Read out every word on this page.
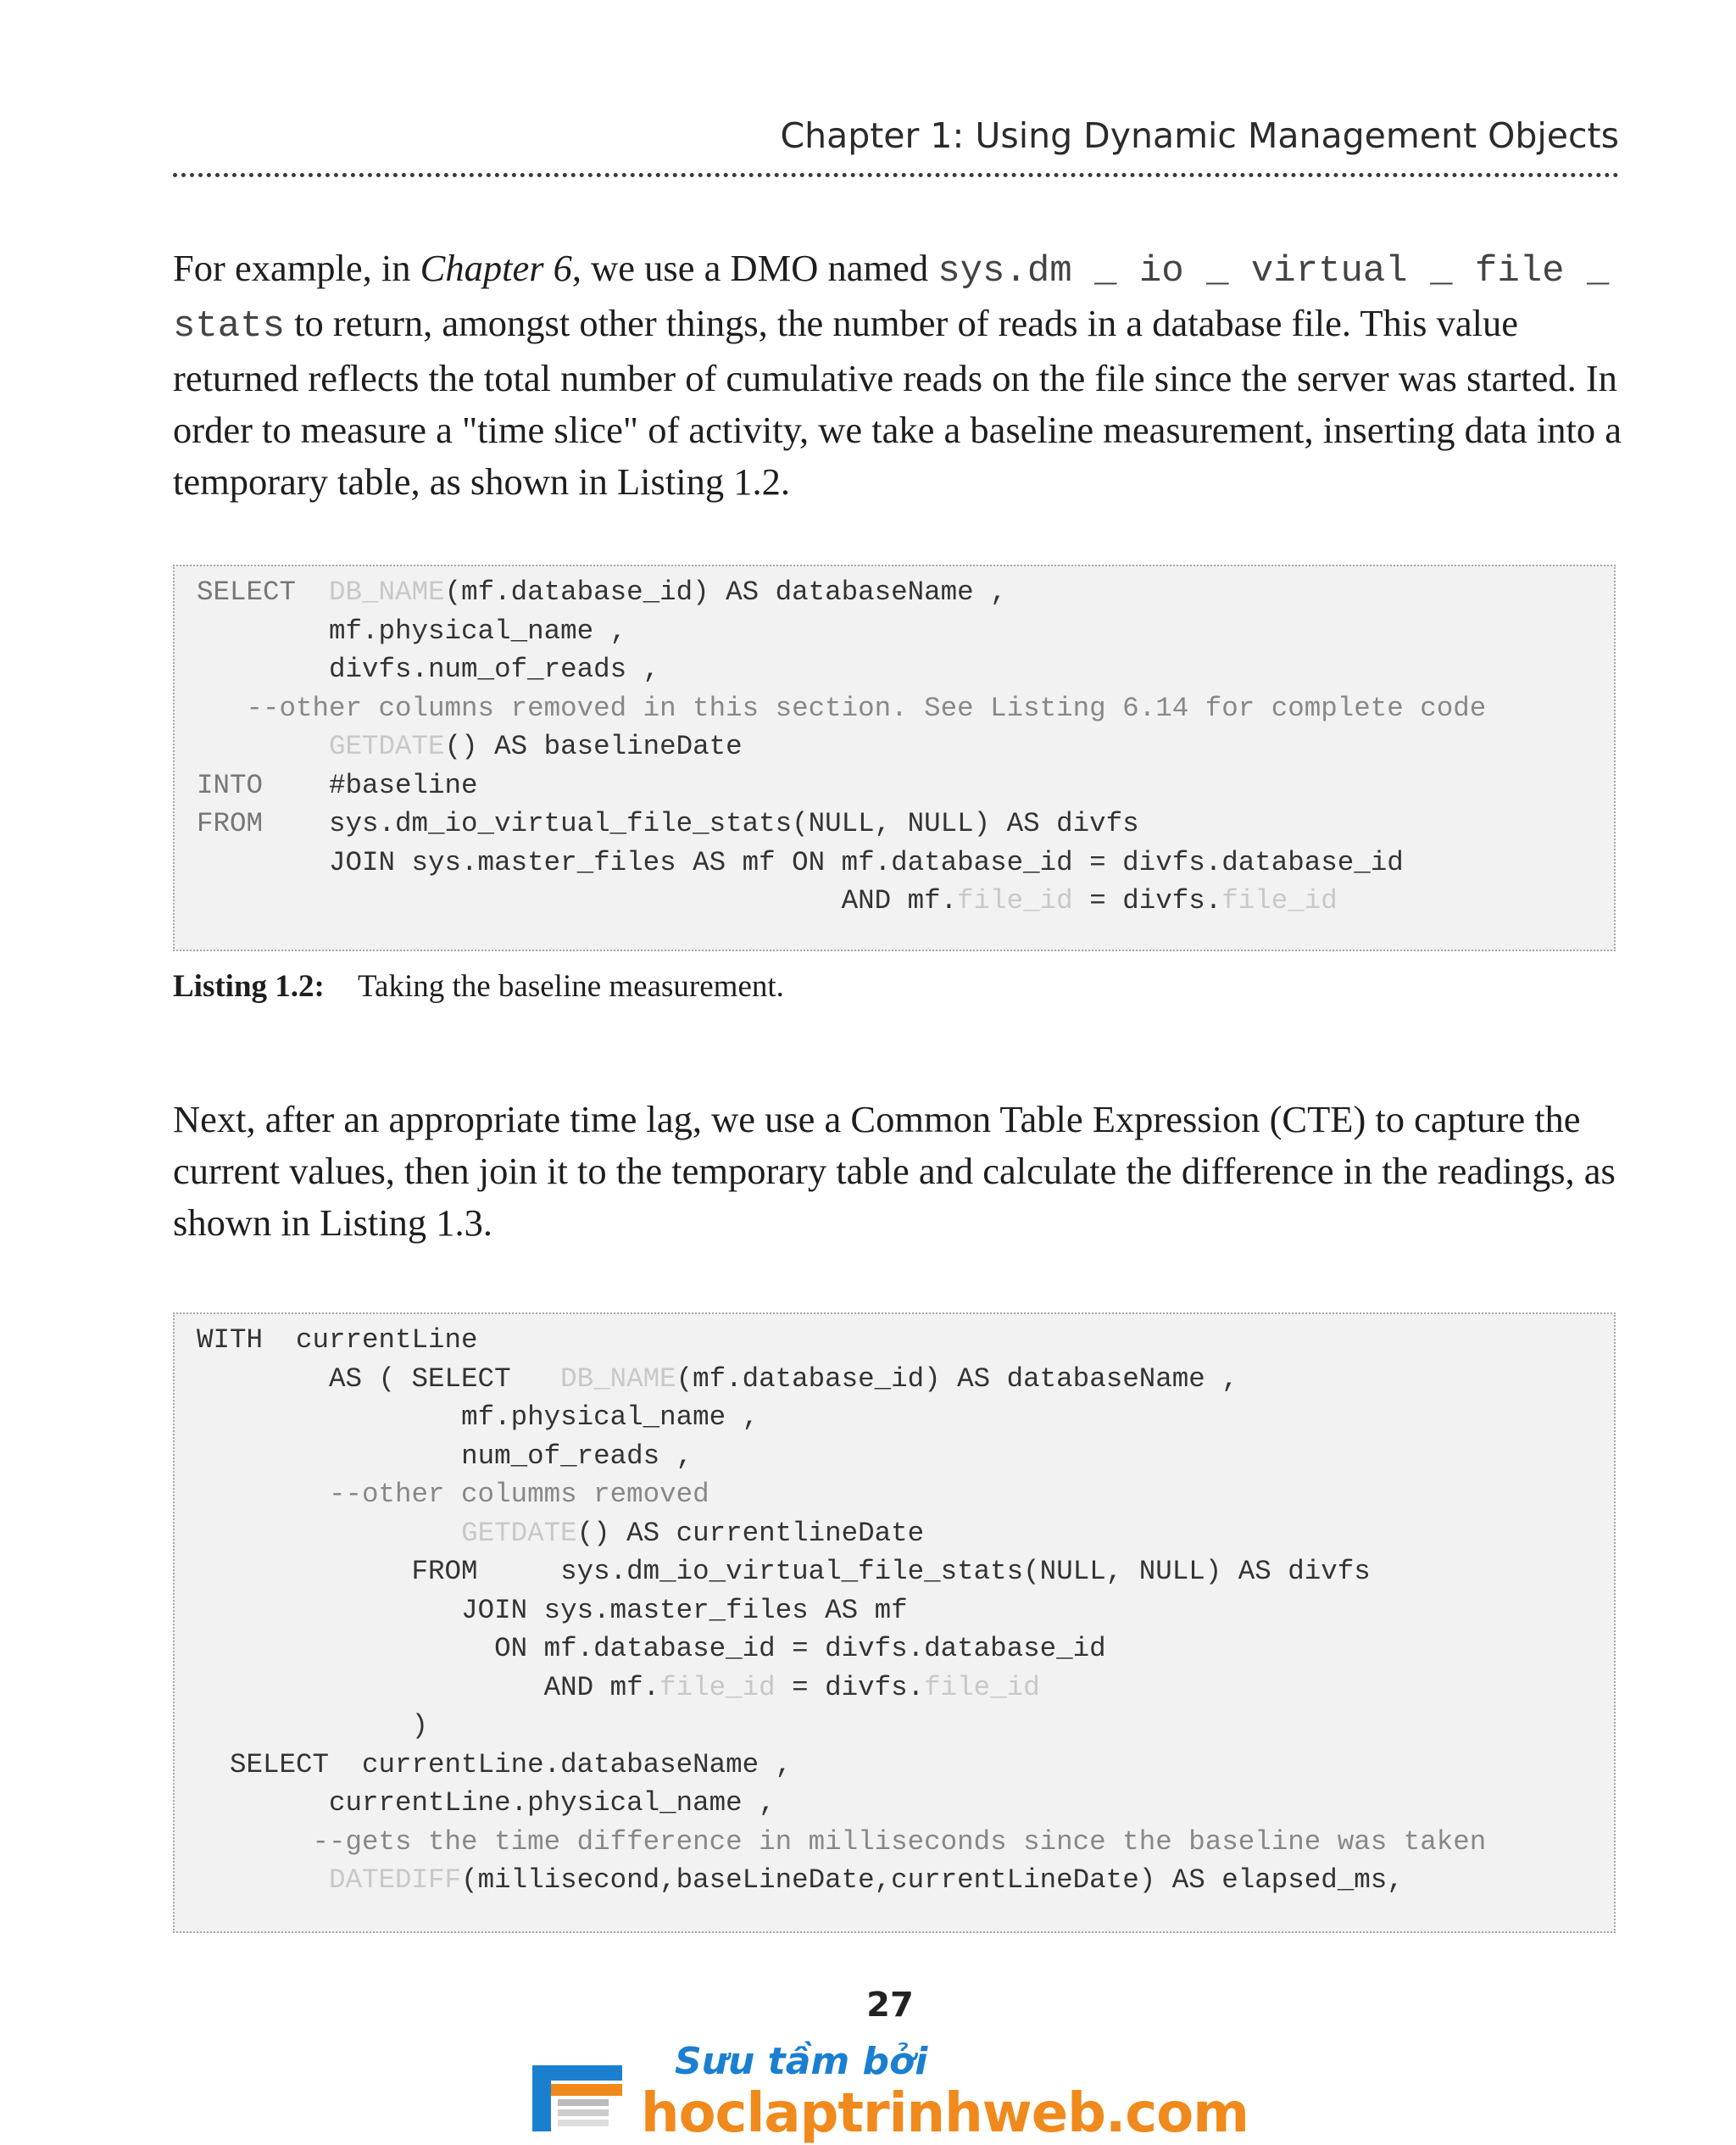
Chapter 1: Using Dynamic Management Objects

For example, in Chapter 6, we use a DMO named sys.dm _ io _ virtual _ file _
stats to return, amongst other things, the number of reads in a database file. This value returned reflects the total number of cumulative reads on the file since the server was started. In order to measure a "time slice" of activity, we take a baseline measurement, inserting data into a temporary table, as shown in Listing 1.2.

SELECT DB_NAME(mf.database_id) AS databaseName ,
mf.physical_name ,
divfs.num_of_reads ,
--other columns removed in this section. See Listing 6.14 for complete code
GETDATE() AS baselineDate
INTO #baseline
FROM sys.dm_io_virtual_file_stats(NULL, NULL) AS divfs
JOIN sys.master_files AS mf ON mf.database_id = divfs.database_id
AND mf.file_id = divfs.file_id
Listing 1.2: Taking the baseline measurement.

Next, after an appropriate time lag, we use a Common Table Expression (CTE) to capture the current values, then join it to the temporary table and calculate the difference in the readings, as shown in Listing 1.3.

WITH  currentLine
AS ( SELECT   DB_NAME(mf.database_id) AS databaseName ,
mf.physical_name ,
num_of_reads ,
--other columms removed
GETDATE() AS currentlineDate
FROM	sys.dm_io_virtual_file_stats(NULL, NULL) AS divfs
JOIN sys.master_files AS mf
ON mf.database_id = divfs.database_id
AND mf.file_id = divfs.file_id
)
SELECT  currentLine.databaseName ,
currentLine.physical_name ,
--gets the time difference in milliseconds since the baseline was taken
DATEDIFF(millisecond,baseLineDate,currentLineDate) AS elapsed_ms,
27
Sưu tầm bởi
hoclaptrinhweb.com
